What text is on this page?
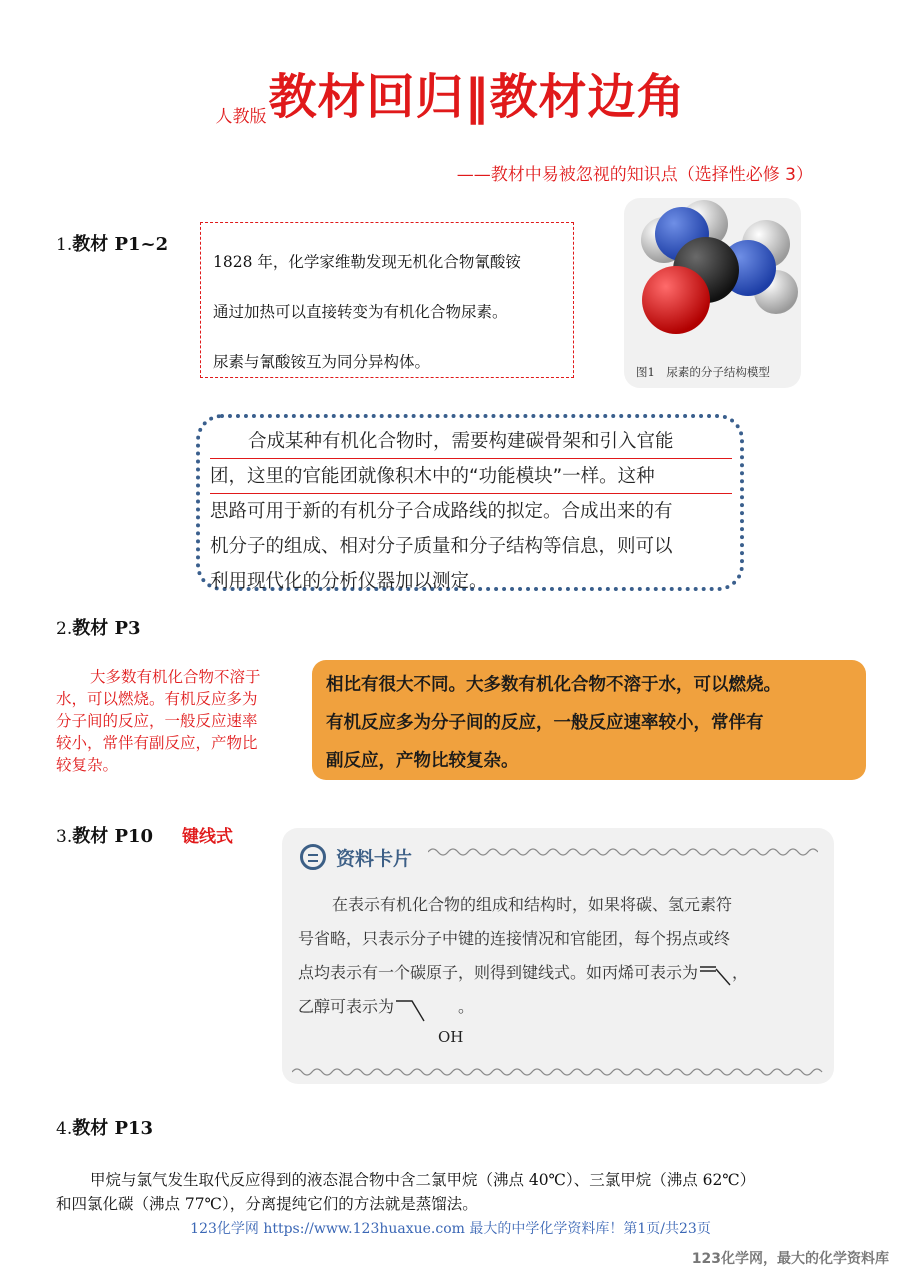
人教版教材回归‖教材边角
——教材中易被忽视的知识点（选择性必修 3）
1.教材 P1~2

1828 年，化学家维勒发现无机化合物氰酸铵

通过加热可以直接转变为有机化合物尿素。

尿素与氰酸铵互为同分异构体。

图1　尿素的分子结构模型
合成某种有机化合物时，需要构建碳骨架和引入官能
团，这里的官能团就像积木中的“功能模块”一样。这种
思路可用于新的有机分子合成路线的拟定。合成出来的有
机分子的组成、相对分子质量和分子结构等信息，则可以
利用现代化的分析仪器加以测定。
2.教材 P3

大多数有机化合物不溶于

水，可以燃烧。有机反应多为

分子间的反应，一般反应速率

较小，常伴有副反应，产物比

较复杂。

相比有很大不同。大多数有机化合物不溶于水，可以燃烧。

有机反应多为分子间的反应，一般反应速率较小，常伴有

副反应，产物比较复杂。

3.教材 P10 键线式
资料卡片

在表示有机化合物的组成和结构时，如果将碳、氢元素符

号省略，只表示分子中键的连接情况和官能团，每个拐点或终

点均表示有一个碳原子，则得到键线式。如丙烯可表示为 ，

乙醇可表示为	。

OH
4.教材 P13

甲烷与氯气发生取代反应得到的液态混合物中含二氯甲烷（沸点 40℃）、三氯甲烷（沸点 62℃）

和四氯化碳（沸点 77℃），分离提纯它们的方法就是蒸馏法。

123化学网 https://www.123huaxue.com 最大的中学化学资料库！第1页/共23页
123化学网，最大的化学资料库
